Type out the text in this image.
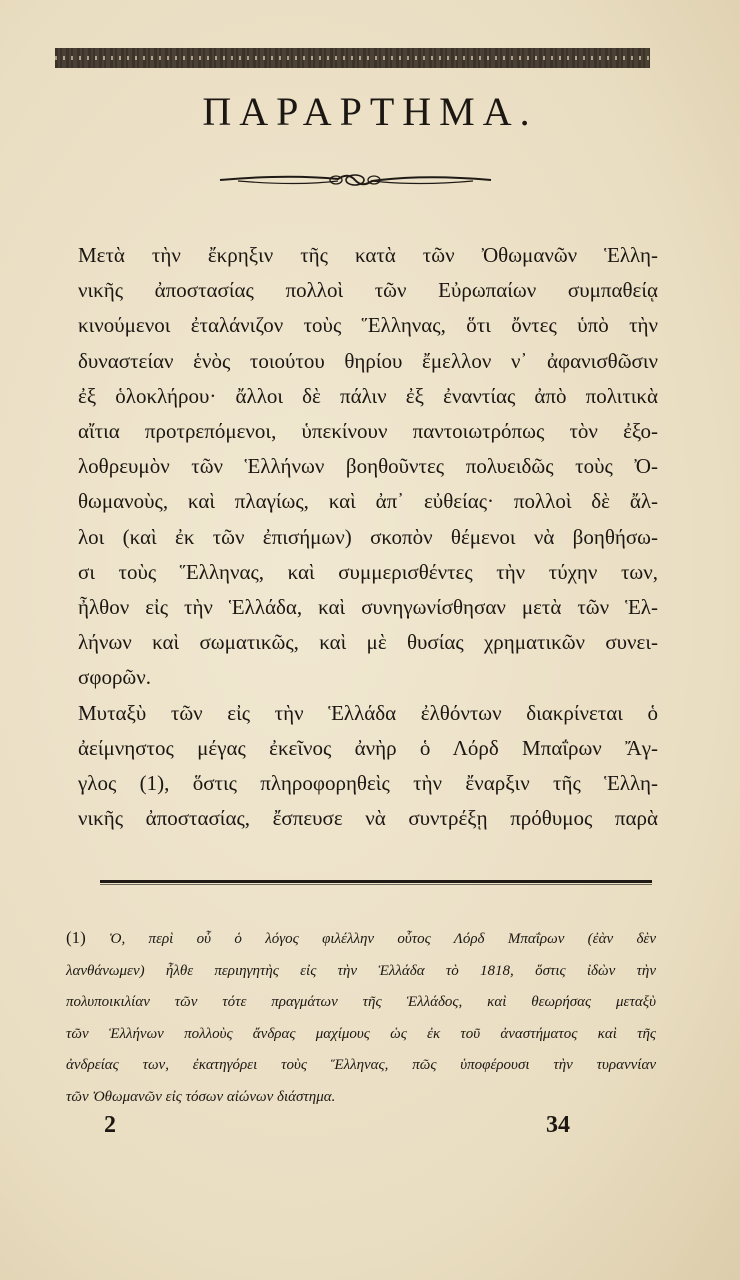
ΠΑΡΑΡΤΗΜΑ.
Μετὰ τὴν ἔκρηξιν τῆς κατὰ τῶν Ὀθωμανῶν Ἑλλη-
νικῆς ἀποστασίας πολλοὶ τῶν Εὐρωπαίων συμπαθείᾳ
κινούμενοι ἐταλάνιζον τοὺς Ἕλληνας, ὅτι ὄντες ὑπὸ τὴν
δυναστείαν ἑνὸς τοιούτου θηρίου ἔμελλον ν᾽ ἀφανισθῶσιν
ἐξ ὁλοκλήρου· ἄλλοι δὲ πάλιν ἐξ ἐναντίας ἀπὸ πολιτικὰ
αἴτια προτρεπόμενοι, ὑπεκίνουν παντοιωτρόπως τὸν ἐξο-
λοθρευμὸν τῶν Ἑλλήνων βοηθοῦντες πολυειδῶς τοὺς Ὀ-
θωμανοὺς, καὶ πλαγίως, καὶ ἀπ᾽ εὐθείας· πολλοὶ δὲ ἄλ-
λοι (καὶ ἐκ τῶν ἐπισήμων) σκοπὸν θέμενοι νὰ βοηθήσω-
σι τοὺς Ἕλληνας, καὶ συμμερισθέντες τὴν τύχην των,
ἦλθον εἰς τὴν Ἑλλάδα, καὶ συνηγωνίσθησαν μετὰ τῶν Ἑλ-
λήνων καὶ σωματικῶς, καὶ μὲ θυσίας χρηματικῶν συνει-
σφορῶν.
Μυταξὺ τῶν εἰς τὴν Ἑλλάδα ἐλθόντων διακρίνεται ὁ
ἀείμνηστος μέγας ἐκεῖνος ἀνὴρ ὁ Λόρδ Μπαΐρων Ἄγ-
γλος (1), ὅστις πληροφορηθεὶς τὴν ἔναρξιν τῆς Ἑλλη-
νικῆς ἀποστασίας, ἔσπευσε νὰ συντρέξῃ πρόθυμος παρὰ
(1) Ὁ, περὶ οὗ ὁ λόγος φιλέλλην οὗτος Λόρδ Μπαΐρων (ἐὰν δὲν
λανθάνωμεν) ἦλθε περιηγητὴς εἰς τὴν Ἑλλάδα τὸ 1818, ὅστις ἰδὼν τὴν
πολυποικιλίαν τῶν τότε πραγμάτων τῆς Ἑλλάδος, καὶ θεωρήσας μεταξὺ
τῶν Ἑλλήνων πολλοὺς ἄνδρας μαχίμους ὡς ἐκ τοῦ ἀναστήματος καὶ τῆς
ἀνδρείας των, ἐκατηγόρει τοὺς Ἕλληνας, πῶς ὑποφέρουσι τὴν τυραννίαν
τῶν Ὀθωμανῶν εἰς τόσων αἰώνων διάστημα.
2	34
